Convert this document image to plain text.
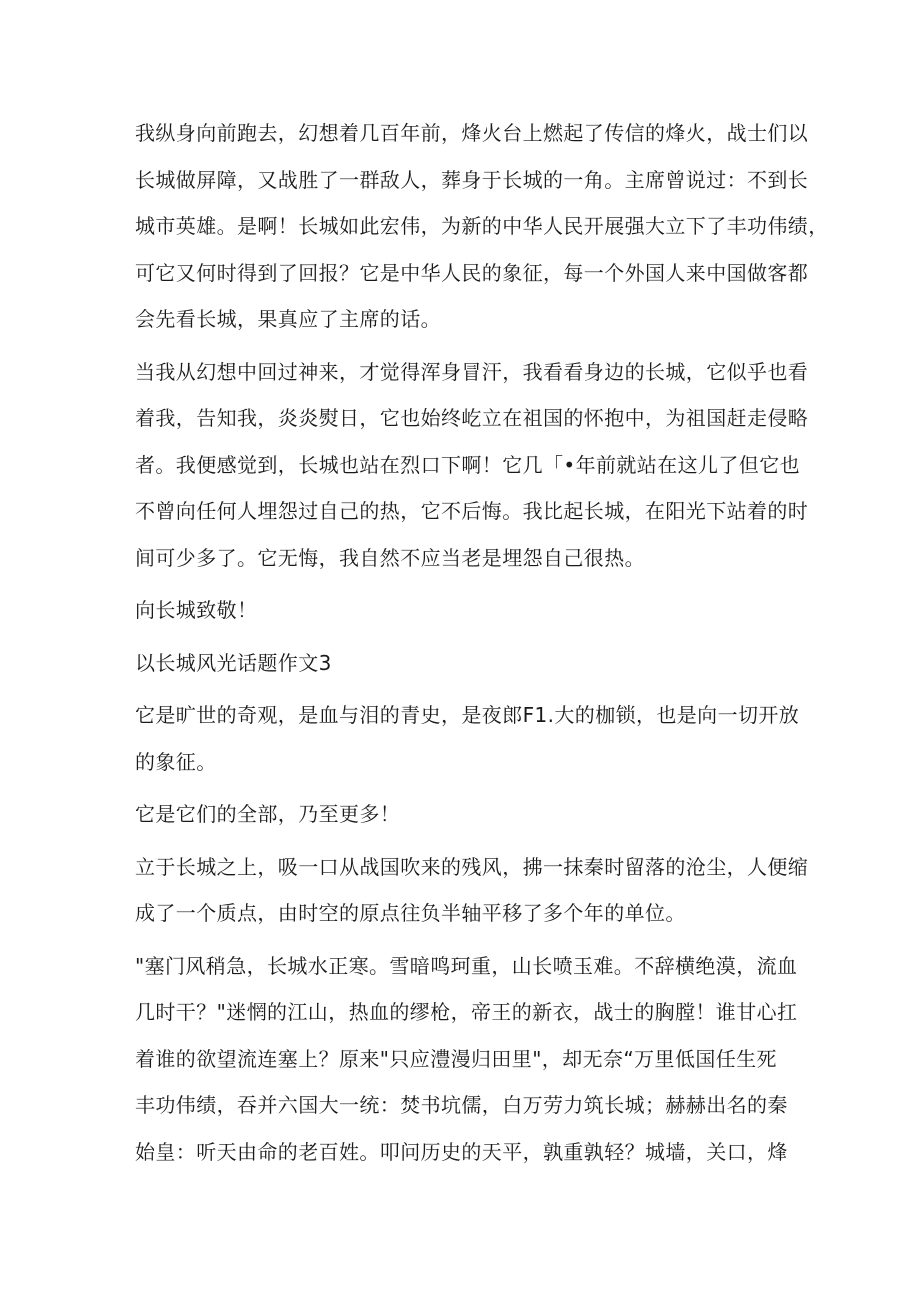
我纵身向前跑去，幻想着几百年前，烽火台上燃起了传信的烽火，战士们以
长城做屏障，又战胜了一群敌人，葬身于长城的一角。主席曾说过：不到长
城市英雄。是啊！长城如此宏伟，为新的中华人民开展强大立下了丰功伟绩，
可它又何时得到了回报？它是中华人民的象征，每一个外国人来中国做客都
会先看长城，果真应了主席的话。

当我从幻想中回过神来，才觉得浑身冒汗，我看看身边的长城，它似乎也看
着我，告知我，炎炎熨日，它也始终屹立在祖国的怀抱中，为祖国赶走侵略
者。我便感觉到，长城也站在烈口下啊！它几「•年前就站在这儿了但它也
不曾向任何人埋怨过自己的热，它不后悔。我比起长城，在阳光下站着的时
间可少多了。它无悔，我自然不应当老是埋怨自己很热。

向长城致敬！

以长城风光话题作文3

它是旷世的奇观，是血与泪的青史，是夜郎F1.大的枷锁，也是向一切开放
的象征。

它是它们的全部，乃至更多！

立于长城之上，吸一口从战国吹来的残风，拂一抹秦时留落的沧尘，人便缩
成了一个质点，由时空的原点往负半轴平移了多个年的单位。

"塞门风稍急，长城水正寒。雪暗鸣珂重，山长喷玉难。不辞横绝漠，流血
几时干？"迷惘的江山，热血的缪枪，帝王的新衣，战士的胸膛！谁甘心扛
着谁的欲望流连塞上？原来"只应澧漫归田里"，却无奈“万里低国任生死
丰功伟绩，吞并六国大一统：焚书坑儒，白万劳力筑长城；赫赫出名的秦
始皇：听天由命的老百姓。叩问历史的天平，孰重孰轻？城墙，关口，烽
